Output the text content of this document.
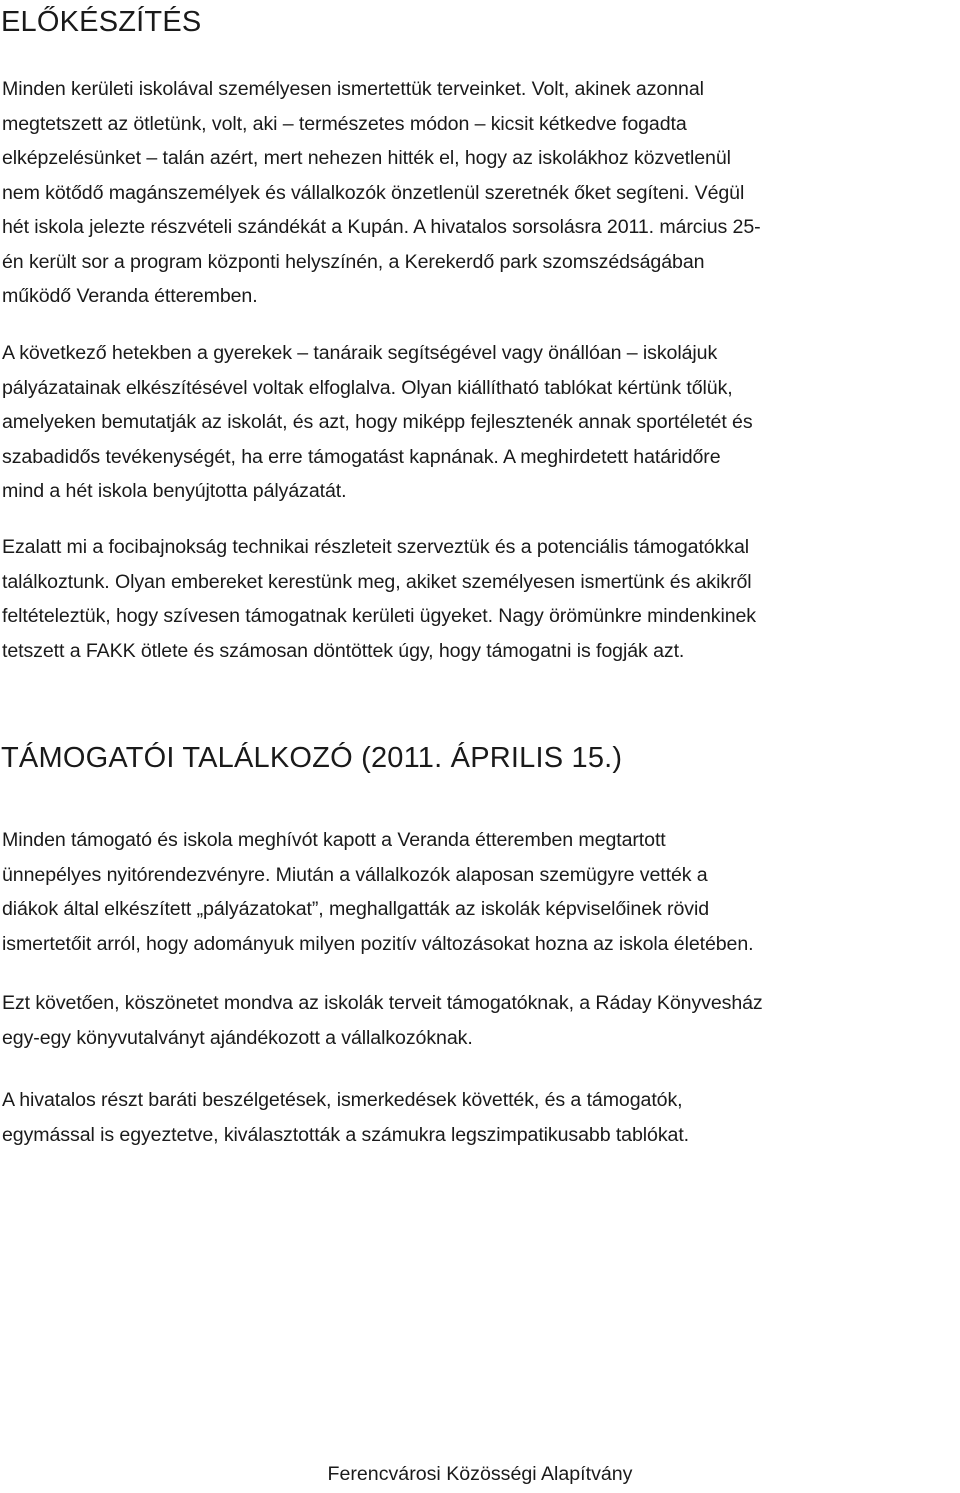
ELŐKÉSZÍTÉS

Minden kerületi iskolával személyesen ismertettük terveinket. Volt, akinek azonnal
megtetszett az ötletünk, volt, aki – természetes módon – kicsit kétkedve fogadta
elképzelésünket – talán azért, mert nehezen hitték el, hogy az iskolákhoz közvetlenül
nem kötődő magánszemélyek és vállalkozók önzetlenül szeretnék őket segíteni. Végül
hét iskola jelezte részvételi szándékát a Kupán. A hivatalos sorsolásra 2011. március 25-
én került sor a program központi helyszínén, a Kerekerdő park szomszédságában
működő Veranda étteremben.

A következő hetekben a gyerekek – tanáraik segítségével vagy önállóan – iskolájuk
pályázatainak elkészítésével voltak elfoglalva. Olyan kiállítható tablókat kértünk tőlük,
amelyeken bemutatják az iskolát, és azt, hogy miképp fejlesztenék annak sportéletét és
szabadidős tevékenységét, ha erre támogatást kapnának. A meghirdetett határidőre
mind a hét iskola benyújtotta pályázatát.

Ezalatt mi a focibajnokság technikai részleteit szerveztük és a potenciális támogatókkal
találkoztunk. Olyan embereket kerestünk meg, akiket személyesen ismertünk és akikről
feltételeztük, hogy szívesen támogatnak kerületi ügyeket. Nagy örömünkre mindenkinek
tetszett a FAKK ötlete és számosan döntöttek úgy, hogy támogatni is fogják azt.

TÁMOGATÓI TALÁLKOZÓ (2011. ÁPRILIS 15.)

Minden támogató és iskola meghívót kapott a Veranda étteremben megtartott
ünnepélyes nyitórendezvényre. Miután a vállalkozók alaposan szemügyre vették a
diákok által elkészített „pályázatokat”, meghallgatták az iskolák képviselőinek rövid
ismertetőit arról, hogy adományuk milyen pozitív változásokat hozna az iskola életében.

Ezt követően, köszönetet mondva az iskolák terveit támogatóknak, a Ráday Könyvesház
egy-egy könyvutalványt ajándékozott a vállalkozóknak.

A hivatalos részt baráti beszélgetések, ismerkedések követték, és a támogatók,
egymással is egyeztetve, kiválasztották a számukra legszimpatikusabb tablókat.

Ferencvárosi Közösségi Alapítvány
